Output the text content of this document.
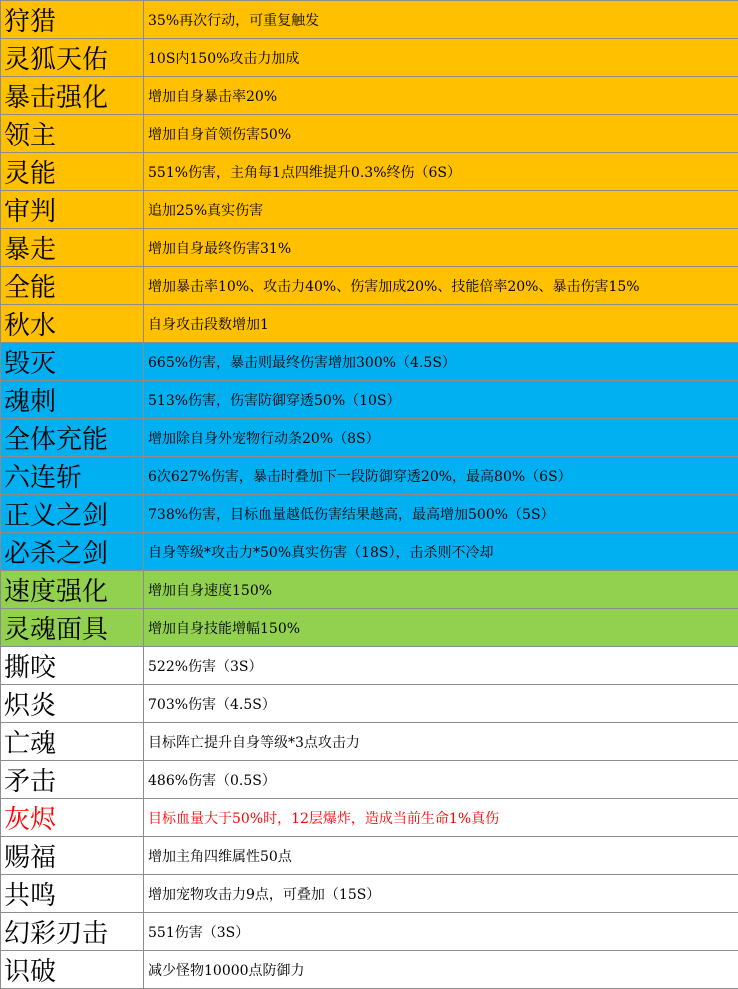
狩猎	35%再次行动，可重复触发
灵狐天佑	10S内150%攻击力加成
暴击强化	增加自身暴击率20%
领主	增加自身首领伤害50%
灵能	551%伤害，主角每1点四维提升0.3%终伤（6S）
审判	追加25%真实伤害
暴走	增加自身最终伤害31%
全能	增加暴击率10%、攻击力40%、伤害加成20%、技能倍率20%、暴击伤害15%
秋水	自身攻击段数增加1
毁灭	665%伤害，暴击则最终伤害增加300%（4.5S）
魂刺	513%伤害，伤害防御穿透50%（10S）
全体充能	增加除自身外宠物行动条20%（8S）
六连斩	6次627%伤害，暴击时叠加下一段防御穿透20%，最高80%（6S）
正义之剑	738%伤害，目标血量越低伤害结果越高，最高增加500%（5S）
必杀之剑	自身等级*攻击力*50%真实伤害（18S），击杀则不冷却
速度强化	增加自身速度150%
灵魂面具	增加自身技能增幅150%
撕咬	522%伤害（3S）
炽炎	703%伤害（4.5S）
亡魂	目标阵亡提升自身等级*3点攻击力
矛击	486%伤害（0.5S）
灰烬	目标血量大于50%时，12层爆炸，造成当前生命1%真伤
赐福	增加主角四维属性50点
共鸣	增加宠物攻击力9点，可叠加（15S）
幻彩刃击	551伤害（3S）
识破	减少怪物10000点防御力
